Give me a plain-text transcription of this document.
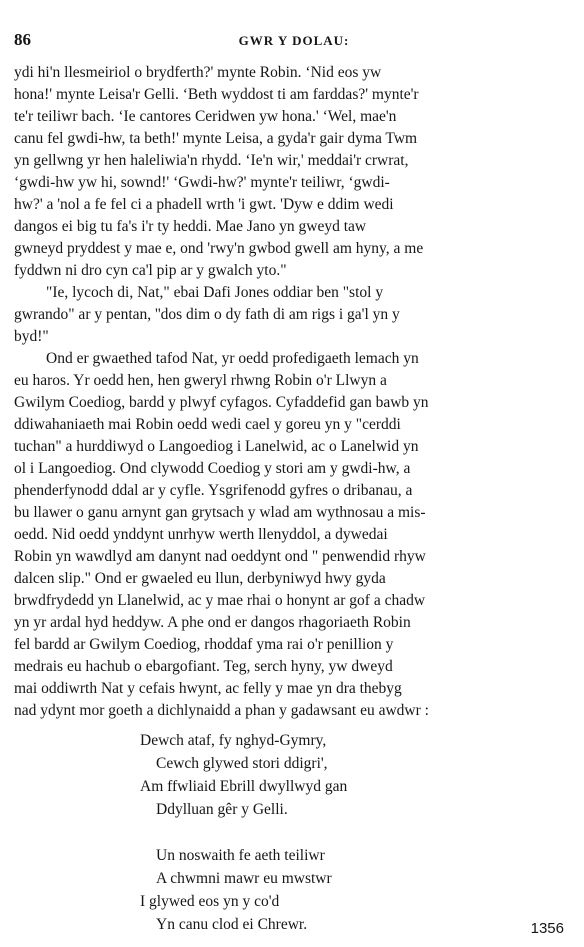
86	GWR Y DOLAU:
ydi hi'n llesmeiriol o brydferth?' mynte Robin. ‘Nid eos yw
hona!' mynte Leisa'r Gelli. ‘Beth wyddost ti am farddas?' mynte'r
te'r teiliwr bach. ‘Ie cantores Ceridwen yw hona.' ‘Wel, mae'n
canu fel gwdi-hw, ta beth!' mynte Leisa, a gyda'r gair dyma Twm
yn gellwng yr hen haleliwia'n rhydd. ‘Ie'n wir,' meddai'r crwrat,
‘gwdi-hw yw hi, sownd!' ‘Gwdi-hw?' mynte'r teiliwr, ‘gwdi-
hw?' a 'nol a fe fel ci a phadell wrth 'i gwt. 'Dyw e ddim wedi
dangos ei big tu fa's i'r ty heddi. Mae Jano yn gweyd taw
gwneyd pryddest y mae e, ond 'rwy'n gwbod gwell am hyny, a me
fyddwn ni dro cyn ca'l pip ar y gwalch yto."
"Ie, lycoch di, Nat," ebai Dafi Jones oddiar ben "stol y
gwrando" ar y pentan, ''dos dim o dy fath di am rigs i ga'l yn y
byd!"
Ond er gwaethed tafod Nat, yr oedd profedigaeth lemach yn
eu haros. Yr oedd hen, hen gweryl rhwng Robin o'r Llwyn a
Gwilym Coediog, bardd y plwyf cyfagos. Cyfaddefid gan bawb yn
ddiwahaniaeth mai Robin oedd wedi cael y goreu yn y "cerddi
tuchan" a hurddiwyd o Langoediog i Lanelwid, ac o Lanelwid yn
ol i Langoediog. Ond clywodd Coediog y stori am y gwdi-hw, a
phenderfynodd ddal ar y cyfle. Ysgrifenodd gyfres o dribanau, a
bu llawer o ganu arnynt gan grytsach y wlad am wythnosau a mis-
oedd. Nid oedd ynddynt unrhyw werth llenyddol, a dywedai
Robin yn wawdlyd am danynt nad oeddynt ond " penwendid rhyw
dalcen slip." Ond er gwaeled eu llun, derbyniwyd hwy gyda
brwdfrydedd yn Llanelwid, ac y mae rhai o honynt ar gof a chadw
yn yr ardal hyd heddyw. A phe ond er dangos rhagoriaeth Robin
fel bardd ar Gwilym Coediog, rhoddaf yma rai o'r penillion y
medrais eu hachub o ebargofiant. Teg, serch hyny, yw dweyd
mai oddiwrth Nat y cefais hwynt, ac felly y mae yn dra thebyg
nad ydynt mor goeth a dichlynaidd a phan y gadawsant eu awdwr :
Dewch ataf, fy nghyd-Gymry,
Cewch glywed stori ddigri',
Am ffwliaid Ebrill dwyllwyd gan
Ddylluan gêr y Gelli.
Un noswaith fe aeth teiliwr
A chwmni mawr eu mwstwr
I glywed eos yn y co'd
Yn canu clod ei Chrewr.	1356
